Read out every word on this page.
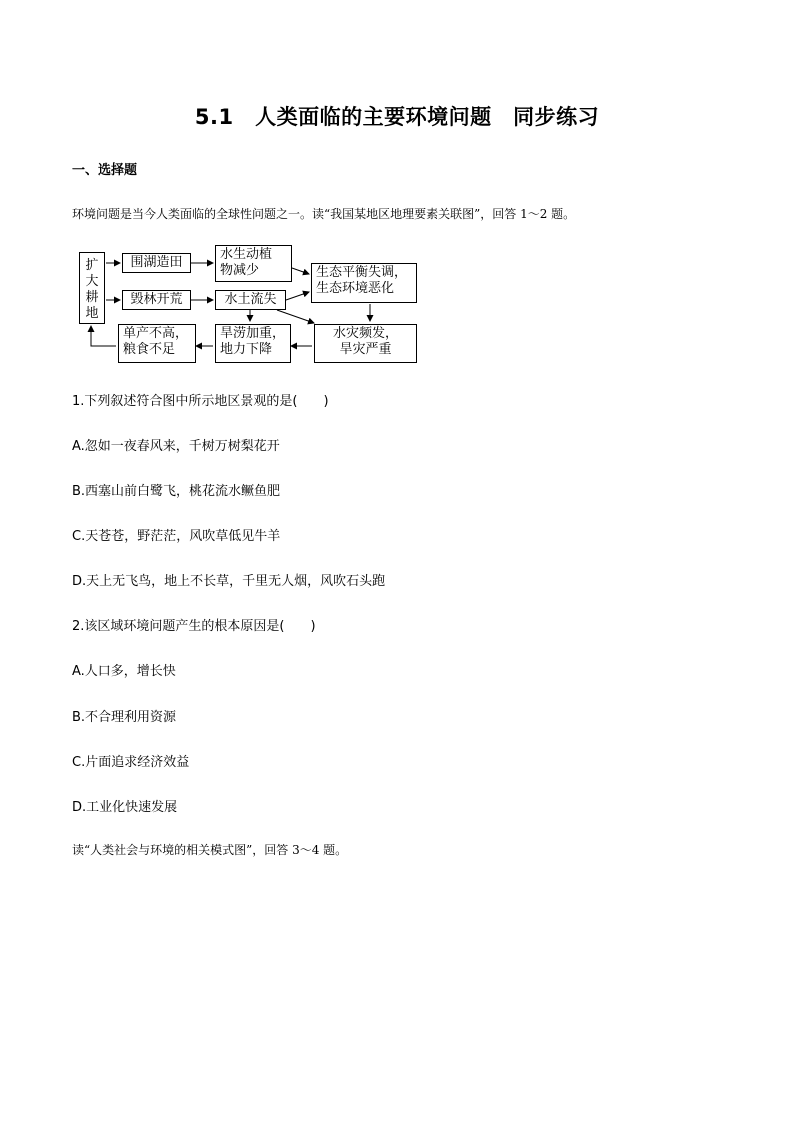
5.1　人类面临的主要环境问题　同步练习
一、选择题
环境问题是当今人类面临的全球性问题之一。读“我国某地区地理要素关联图”，回答 1～2 题。
扩大耕地
围湖造田
毁林开荒
水生动植
物减少
水土流失
生态平衡失调，
生态环境恶化
单产不高，
粮食不足
旱涝加重，
地力下降
水灾频发，
旱灾严重
1.下列叙述符合图中所示地区景观的是(　　)
A.忽如一夜春风来，千树万树梨花开
B.西塞山前白鹭飞，桃花流水鳜鱼肥
C.天苍苍，野茫茫，风吹草低见牛羊
D.天上无飞鸟，地上不长草，千里无人烟，风吹石头跑
2.该区域环境问题产生的根本原因是(　　)
A.人口多，增长快
B.不合理利用资源
C.片面追求经济效益
D.工业化快速发展
读“人类社会与环境的相关模式图”，回答 3～4 题。
